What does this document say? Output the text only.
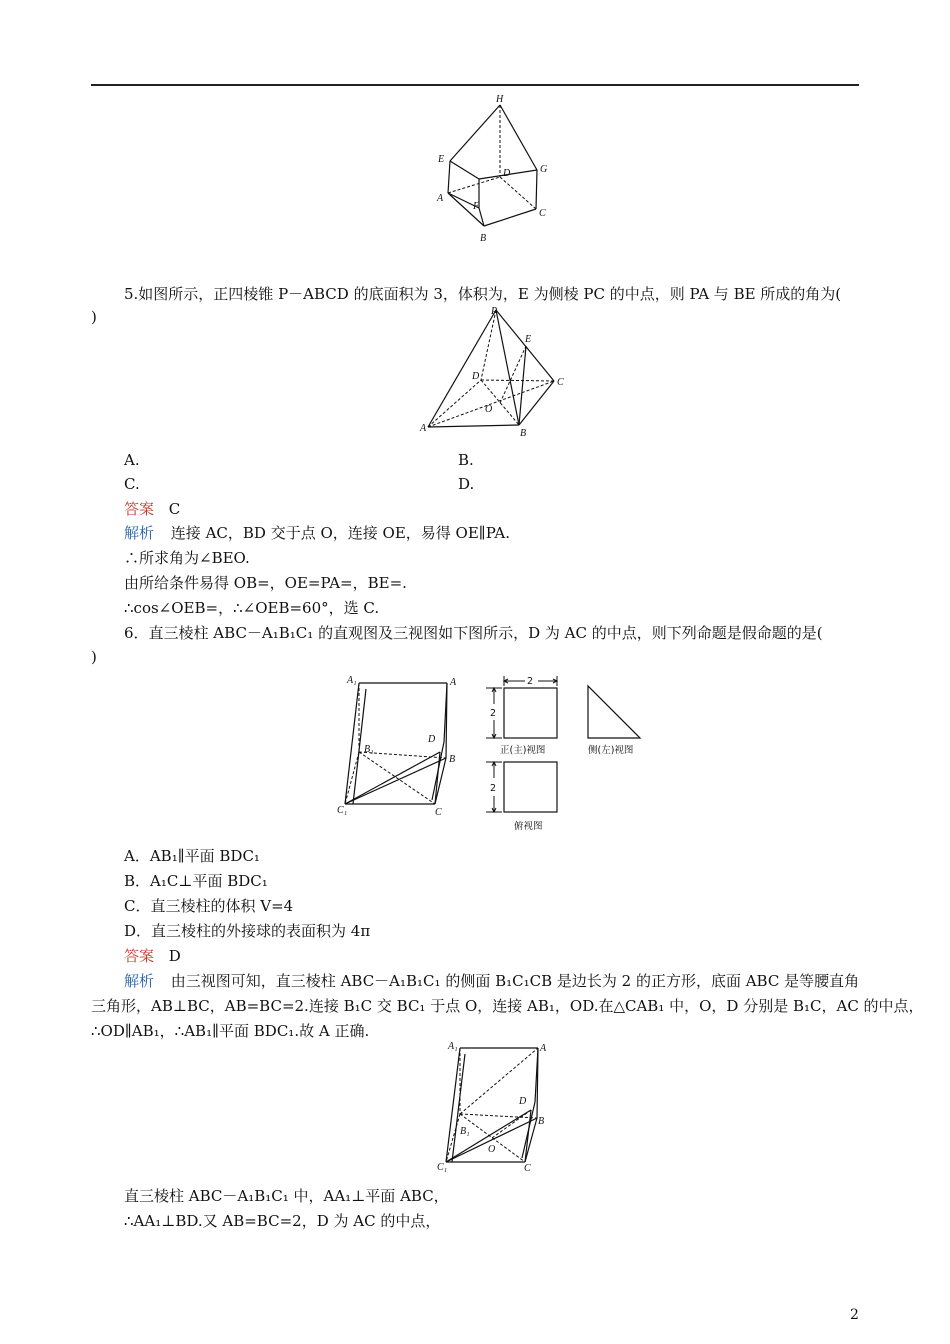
H
E
G
D
A
F
C
B
5.如图所示，正四棱锥 P－ABCD 的底面积为 3，体积为，E 为侧棱 PC 的中点，则 PA 与 BE 所成的角为(
)	P
E
D
C
O
A	B
A.	B.
C.	D.
答案 C
解析 连接 AC，BD 交于点 O，连接 OE，易得 OE∥PA.
∴所求角为∠BEO.
由所给条件易得 OB=，OE=PA=，BE=.
∴cos∠OEB=，∴∠OEB=60°，选 C.
6．直三棱柱 ABC－A₁B₁C₁ 的直观图及三视图如下图所示，D 为 AC 的中点，则下列命题是假命题的是(
)
A₁	A
B₁
D
B
C₁	C
2
2
2
正(主)视图	侧(左)视图
俯视图
A．AB₁∥平面 BDC₁
B．A₁C⊥平面 BDC₁
C．直三棱柱的体积 V=4
D．直三棱柱的外接球的表面积为 4π
答案 D
解析 由三视图可知，直三棱柱 ABC－A₁B₁C₁ 的侧面 B₁C₁CB 是边长为 2 的正方形，底面 ABC 是等腰直角
三角形，AB⊥BC，AB=BC=2.连接 B₁C 交 BC₁ 于点 O，连接 AB₁，OD.在△CAB₁ 中，O，D 分别是 B₁C，AC 的中点，
∴OD∥AB₁，∴AB₁∥平面 BDC₁.故 A 正确.
A₁	A
B₁
D
B
C₁	C
O
直三棱柱 ABC－A₁B₁C₁ 中，AA₁⊥平面 ABC，
∴AA₁⊥BD.又 AB=BC=2，D 为 AC 的中点，
2
